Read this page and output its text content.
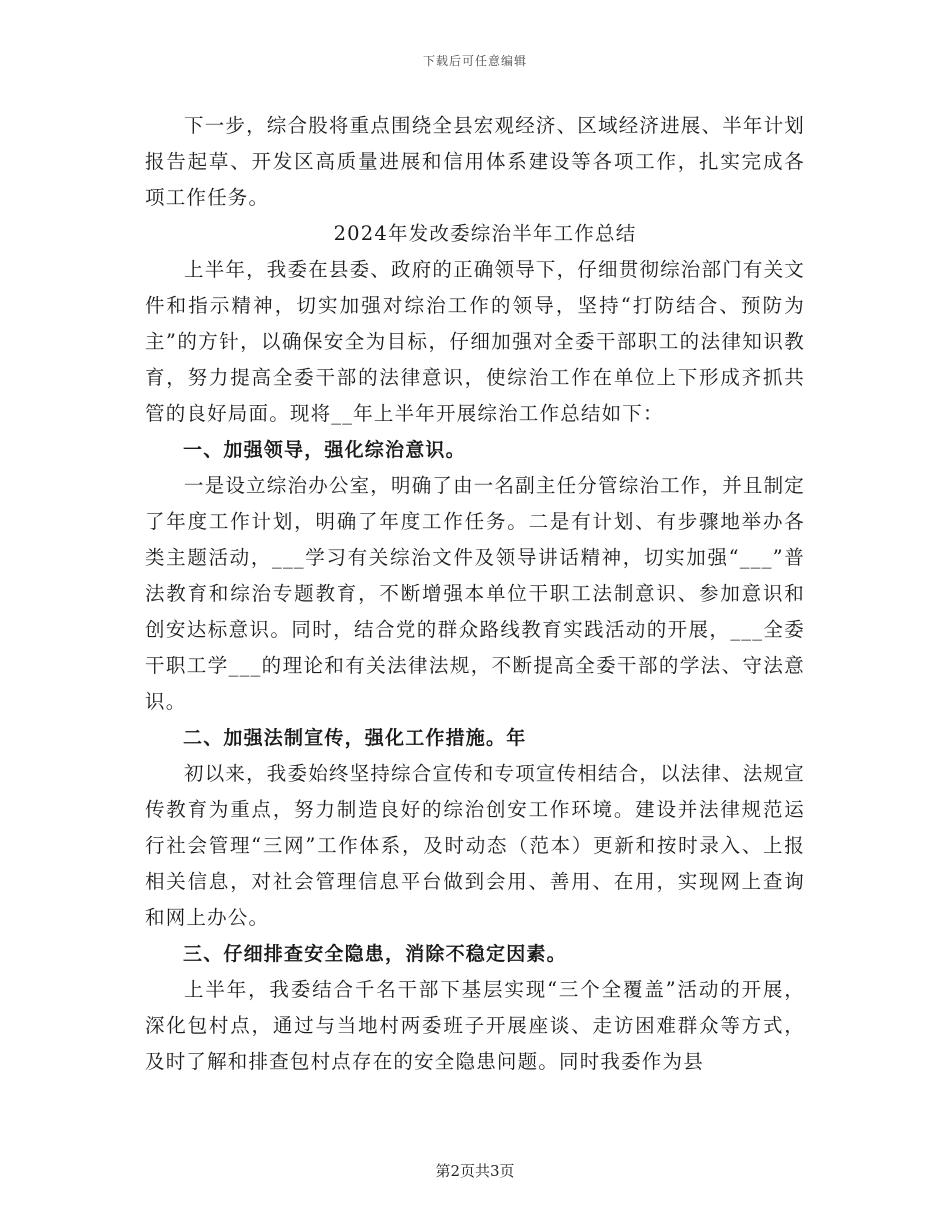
下载后可任意编辑

下一步，综合股将重点围绕全县宏观经济、区域经济进展、半年计划报告起草、开发区高质量进展和信用体系建设等各项工作，扎实完成各项工作任务。

2024年发改委综治半年工作总结

上半年，我委在县委、政府的正确领导下，仔细贯彻综治部门有关文件和指示精神，切实加强对综治工作的领导，坚持“打防结合、预防为主”的方针，以确保安全为目标，仔细加强对全委干部职工的法律知识教育，努力提高全委干部的法律意识，使综治工作在单位上下形成齐抓共管的良好局面。现将__年上半年开展综治工作总结如下：

一、加强领导，强化综治意识。

一是设立综治办公室，明确了由一名副主任分管综治工作，并且制定了年度工作计划，明确了年度工作任务。二是有计划、有步骤地举办各类主题活动，___学习有关综治文件及领导讲话精神，切实加强“___”普法教育和综治专题教育，不断增强本单位干职工法制意识、参加意识和创安达标意识。同时，结合党的群众路线教育实践活动的开展，___全委干职工学___的理论和有关法律法规，不断提高全委干部的学法、守法意识。

二、加强法制宣传，强化工作措施。年

初以来，我委始终坚持综合宣传和专项宣传相结合，以法律、法规宣传教育为重点，努力制造良好的综治创安工作环境。建设并法律规范运行社会管理“三网”工作体系，及时动态（范本）更新和按时录入、上报相关信息，对社会管理信息平台做到会用、善用、在用，实现网上查询和网上办公。

三、仔细排查安全隐患，消除不稳定因素。

上半年，我委结合千名干部下基层实现“三个全覆盖”活动的开展，深化包村点，通过与当地村两委班子开展座谈、走访困难群众等方式，及时了解和排查包村点存在的安全隐患问题。同时我委作为县

第2页共3页
